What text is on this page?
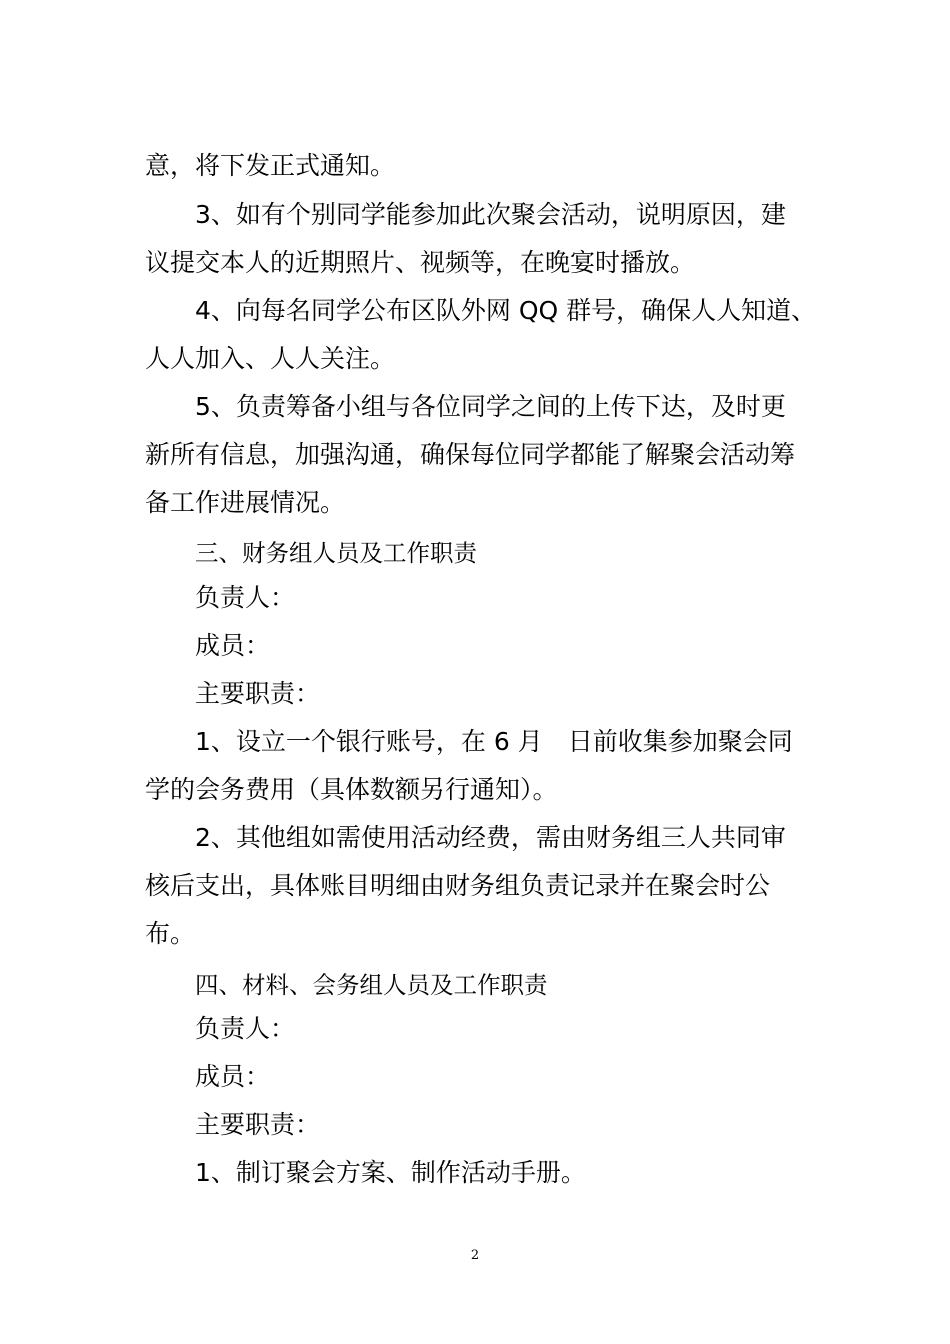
意，将下发正式通知。
3、如有个别同学能参加此次聚会活动，说明原因，建
议提交本人的近期照片、视频等，在晚宴时播放。
4、向每名同学公布区队外网 QQ 群号，确保人人知道、
人人加入、人人关注。
5、负责筹备小组与各位同学之间的上传下达，及时更
新所有信息，加强沟通，确保每位同学都能了解聚会活动筹
备工作进展情况。
三、财务组人员及工作职责
负责人：
成员：
主要职责：
1、设立一个银行账号，在 6 月　日前收集参加聚会同
学的会务费用（具体数额另行通知）。
2、其他组如需使用活动经费，需由财务组三人共同审
核后支出，具体账目明细由财务组负责记录并在聚会时公
布。
四、材料、会务组人员及工作职责
负责人：
成员：
主要职责：
1、制订聚会方案、制作活动手册。
2
